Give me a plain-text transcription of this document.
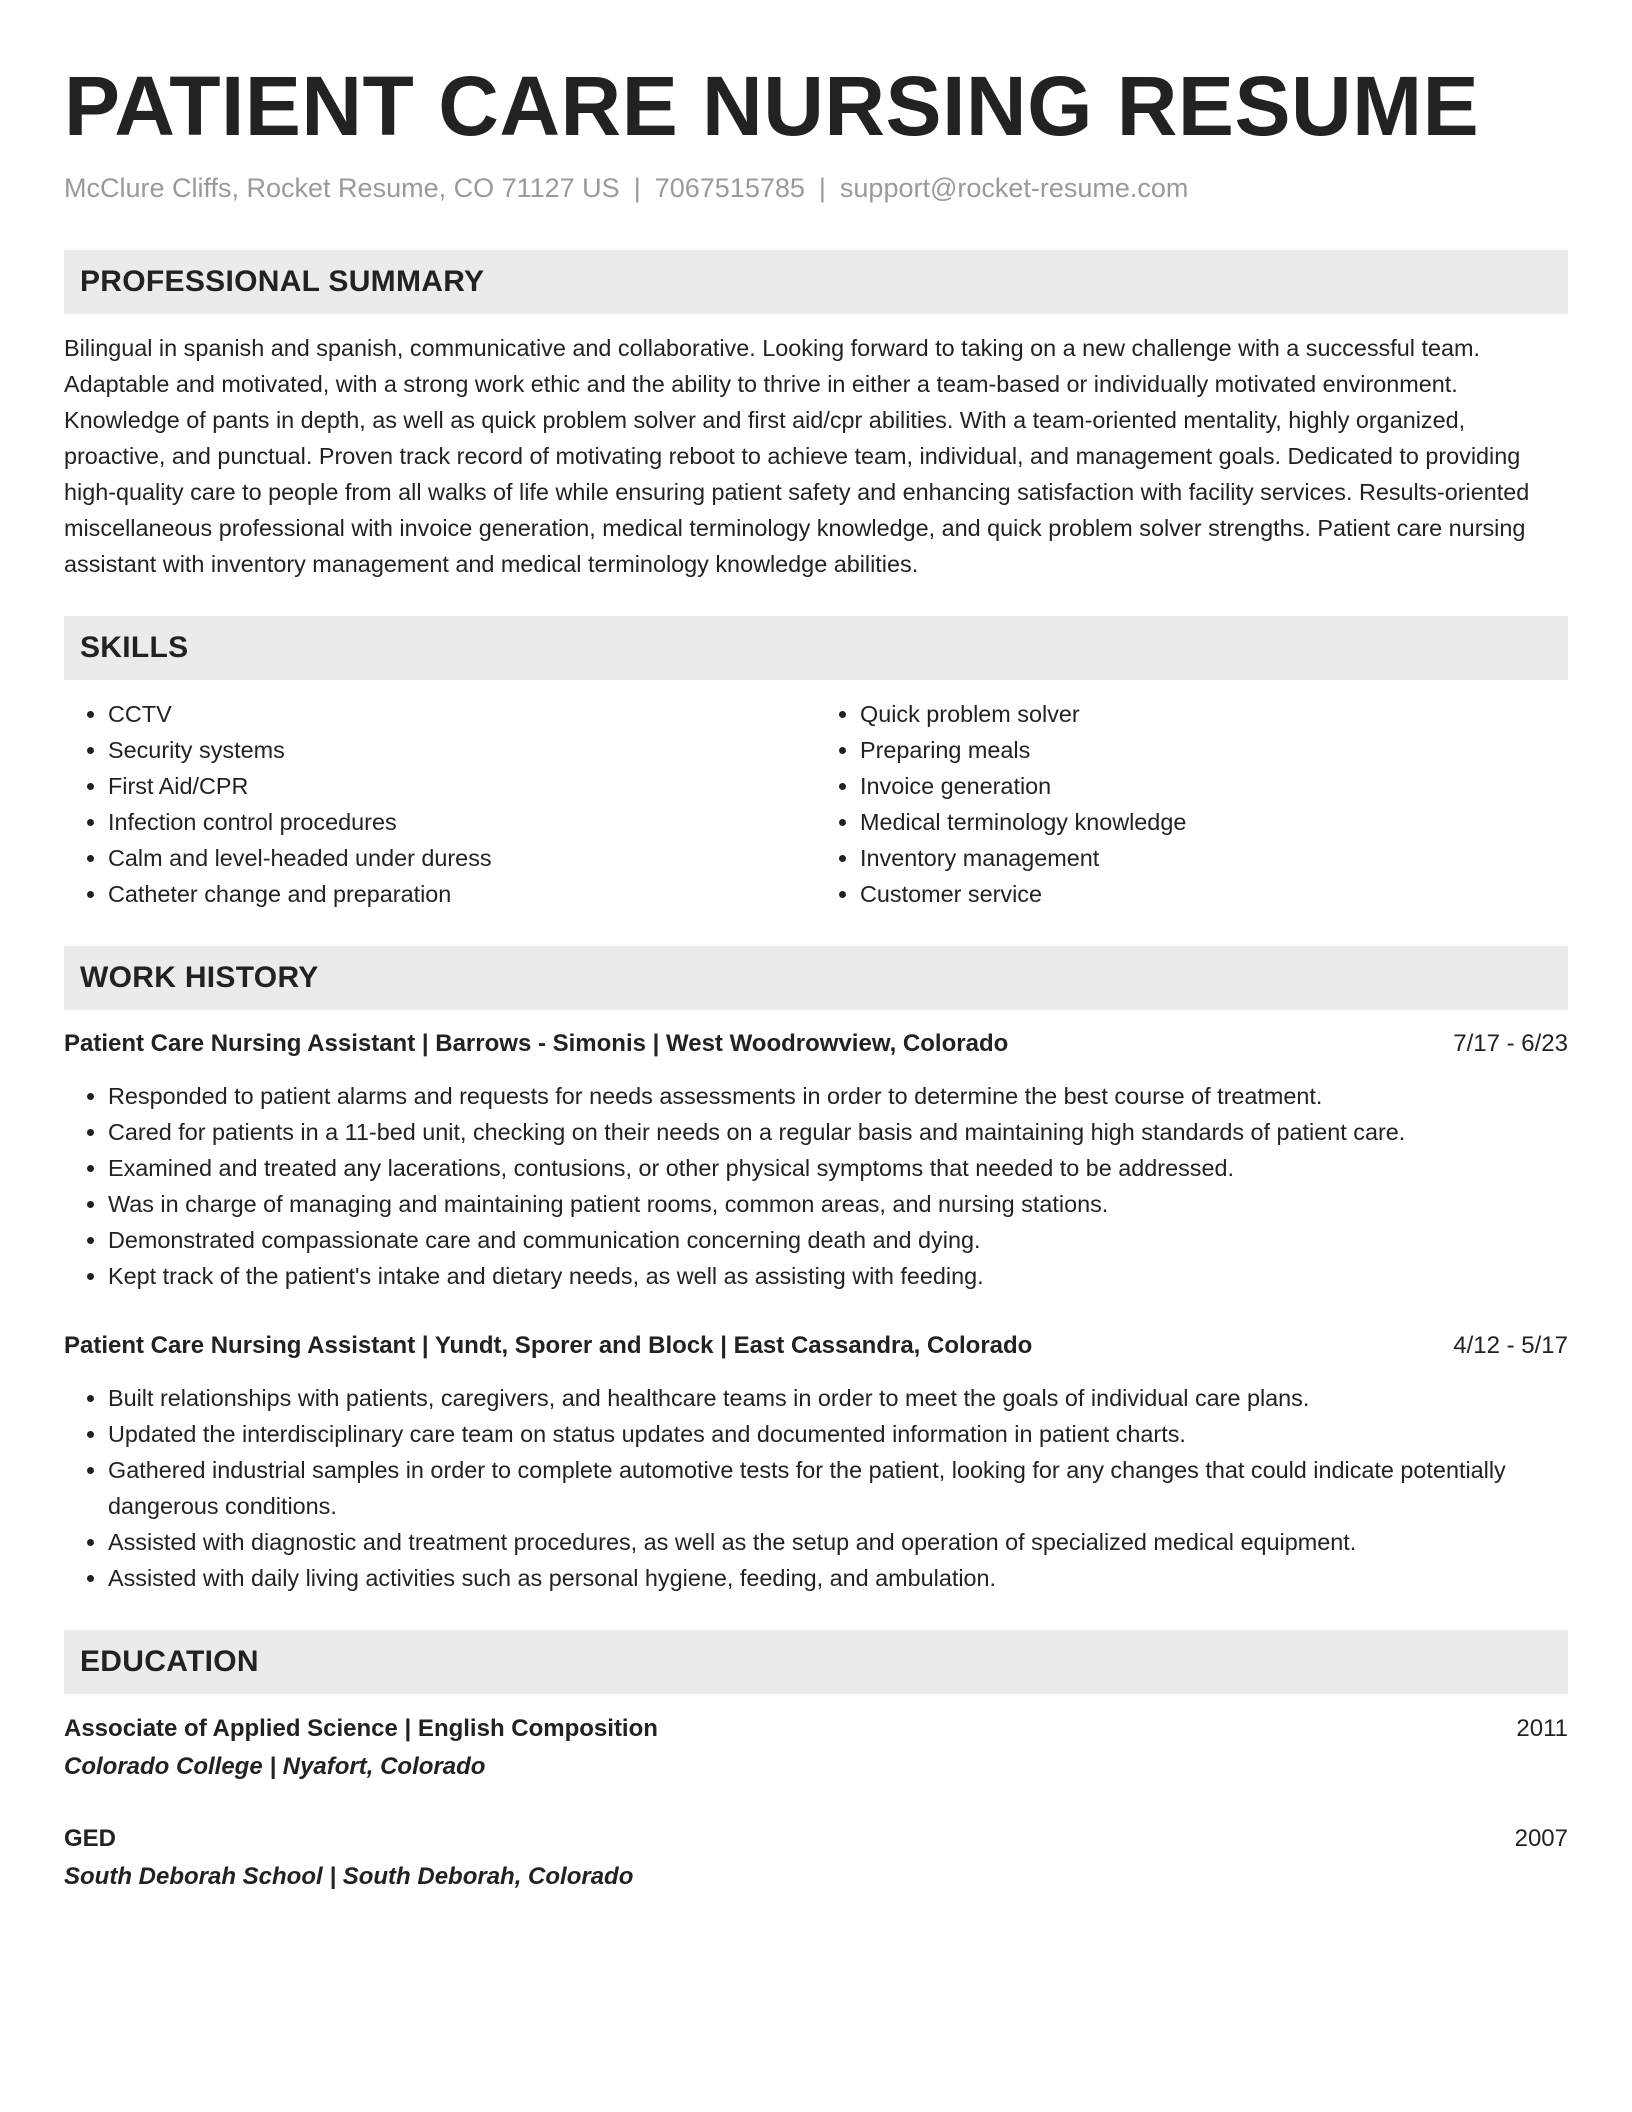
PATIENT CARE NURSING RESUME
McClure Cliffs, Rocket Resume, CO 71127 US | 7067515785 | support@rocket-resume.com
PROFESSIONAL SUMMARY

Bilingual in spanish and spanish, communicative and collaborative. Looking forward to taking on a new challenge with a successful team. Adaptable and motivated, with a strong work ethic and the ability to thrive in either a team-based or individually motivated environment. Knowledge of pants in depth, as well as quick problem solver and first aid/cpr abilities. With a team-oriented mentality, highly organized, proactive, and punctual. Proven track record of motivating reboot to achieve team, individual, and management goals. Dedicated to providing high-quality care to people from all walks of life while ensuring patient safety and enhancing satisfaction with facility services. Results-oriented miscellaneous professional with invoice generation, medical terminology knowledge, and quick problem solver strengths. Patient care nursing assistant with inventory management and medical terminology knowledge abilities.

SKILLS
• CCTV
• Security systems
• First Aid/CPR
• Infection control procedures
• Calm and level-headed under duress
• Catheter change and preparation
• Quick problem solver
• Preparing meals
• Invoice generation
• Medical terminology knowledge
• Inventory management
• Customer service
WORK HISTORY
Patient Care Nursing Assistant | Barrows - Simonis | West Woodrowview, Colorado	7/17 - 6/23
• Responded to patient alarms and requests for needs assessments in order to determine the best course of treatment.
• Cared for patients in a 11-bed unit, checking on their needs on a regular basis and maintaining high standards of patient care.
• Examined and treated any lacerations, contusions, or other physical symptoms that needed to be addressed.
• Was in charge of managing and maintaining patient rooms, common areas, and nursing stations.
• Demonstrated compassionate care and communication concerning death and dying.
• Kept track of the patient's intake and dietary needs, as well as assisting with feeding.
Patient Care Nursing Assistant | Yundt, Sporer and Block | East Cassandra, Colorado	4/12 - 5/17
• Built relationships with patients, caregivers, and healthcare teams in order to meet the goals of individual care plans.
• Updated the interdisciplinary care team on status updates and documented information in patient charts.
• Gathered industrial samples in order to complete automotive tests for the patient, looking for any changes that could indicate potentially dangerous conditions.
• Assisted with diagnostic and treatment procedures, as well as the setup and operation of specialized medical equipment.
• Assisted with daily living activities such as personal hygiene, feeding, and ambulation.
EDUCATION
Associate of Applied Science | English Composition	2011
Colorado College | Nyafort, Colorado
GED	2007
South Deborah School | South Deborah, Colorado
